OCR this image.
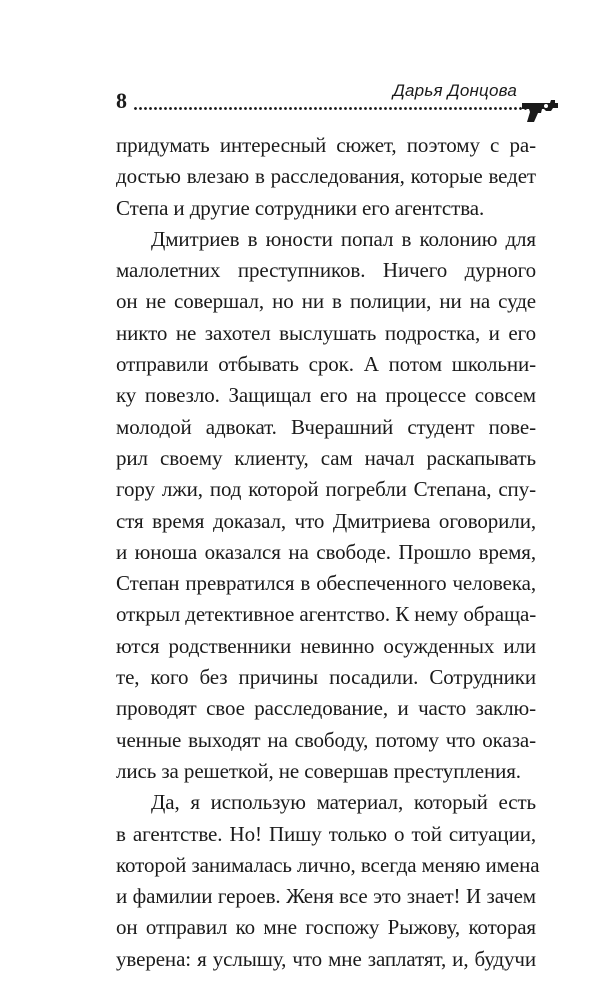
8	Дарья Донцова
придумать интересный сюжет, поэтому с ра-
достью влезаю в расследования, которые ведет
Степа и другие сотрудники его агентства.
Дмитриев в юности попал в колонию для
малолетних преступников. Ничего дурного
он не совершал, но ни в полиции, ни на суде
никто не захотел выслушать подростка, и его
отправили отбывать срок. А потом школьни-
ку повезло. Защищал его на процессе совсем
молодой адвокат. Вчерашний студент пове-
рил своему клиенту, сам начал раскапывать
гору лжи, под которой погребли Степана, спу-
стя время доказал, что Дмитриева оговорили,
и юноша оказался на свободе. Прошло время,
Степан превратился в обеспеченного человека,
открыл детективное агентство. К нему обраща-
ются родственники невинно осужденных или
те, кого без причины посадили. Сотрудники
проводят свое расследование, и часто заклю-
ченные выходят на свободу, потому что оказа-
лись за решеткой, не совершав преступления.
Да, я использую материал, который есть
в агентстве. Но! Пишу только о той ситуации,
которой занималась лично, всегда меняю имена
и фамилии героев. Женя все это знает! И зачем
он отправил ко мне госпожу Рыжову, которая
уверена: я услышу, что мне заплатят, и, будучи
